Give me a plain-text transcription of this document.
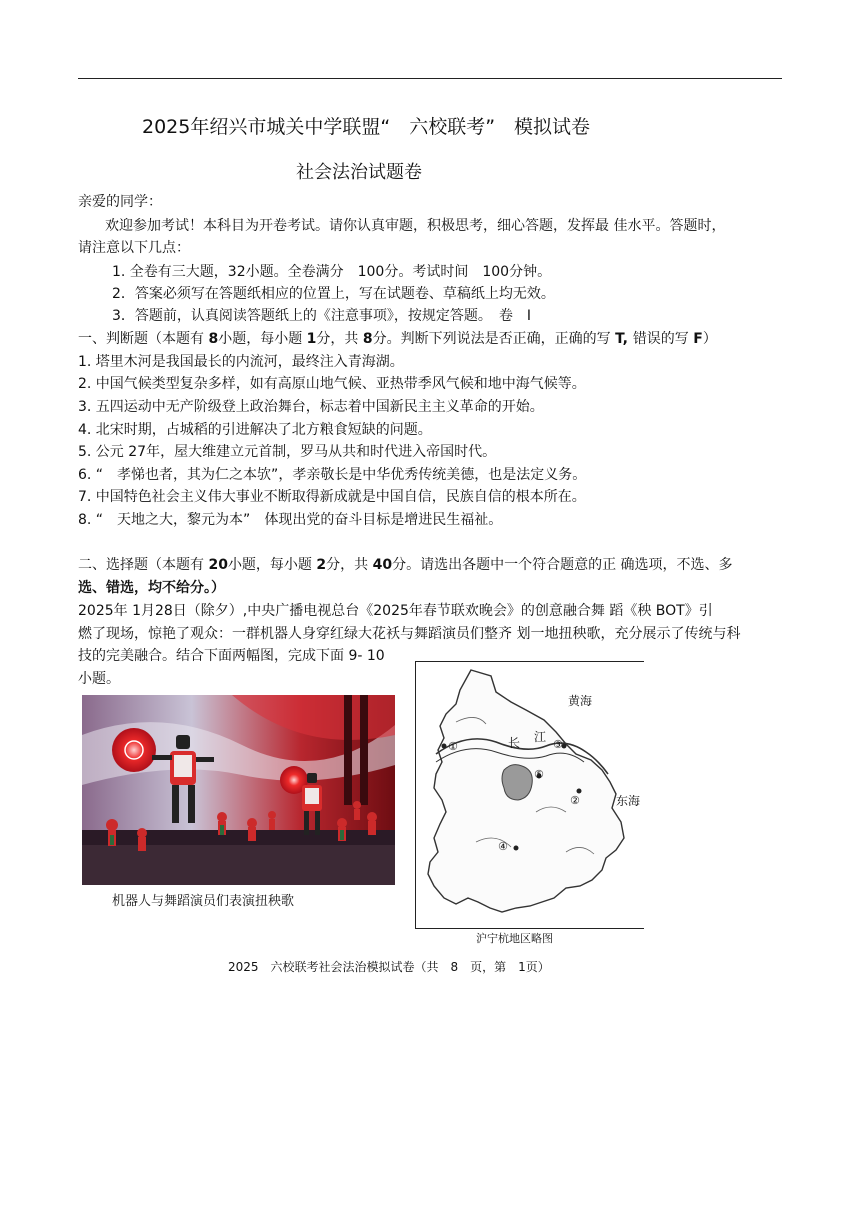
2025年绍兴市城关中学联盟“　六校联考”　模拟试卷
社会法治试题卷
亲爱的同学：
欢迎参加考试！本科目为开卷考试。请你认真审题，积极思考，细心答题，发挥最 佳水平。答题时，
请注意以下几点：
1. 全卷有三大题，32小题。全卷满分　100分。考试时间　100分钟。
2．答案必须写在答题纸相应的位置上，写在试题卷、草稿纸上均无效。
3．答题前，认真阅读答题纸上的《注意事项》，按规定答题。　卷　I
一、判断题（本题有 8小题，每小题 1分，共 8分。判断下列说法是否正确，正确的写 T, 错误的写 F）
1. 塔里木河是我国最长的内流河，最终注入青海湖。
2. 中国气候类型复杂多样，如有高原山地气候、亚热带季风气候和地中海气候等。
3. 五四运动中无产阶级登上政治舞台，标志着中国新民主主义革命的开始。
4. 北宋时期，占城稻的引进解决了北方粮食短缺的问题。
5. 公元 27年，屋大维建立元首制，罗马从共和时代进入帝国时代。
6. “　孝悌也者，其为仁之本欤”，孝亲敬长是中华优秀传统美德，也是法定义务。
7. 中国特色社会主义伟大事业不断取得新成就是中国自信，民族自信的根本所在。
8. “　天地之大，黎元为本”　体现出党的奋斗目标是增进民生福祉。
二、选择题（本题有 20小题，每小题 2分，共 40分。请选出各题中一个符合题意的正 确选项，不选、多
选、错选，均不给分。）
2025年 1月28日（除夕）,中央广播电视总台《2025年春节联欢晚会》的创意融合舞 蹈《秧 BOT》引
燃了现场，惊艳了观众：一群机器人身穿红绿大花袄与舞蹈演员们整齐 划一地扭秧歌，充分展示了传统与科
技的完美融合。结合下面两幅图，完成下面 9- 10
小题。
机器人与舞蹈演员们表演扭秧歌
黄海
东海
长 江
①
②
③
④
⑤
沪宁杭地区略图
2025　六校联考社会法治模拟试卷（共　8　页，第　1页）
